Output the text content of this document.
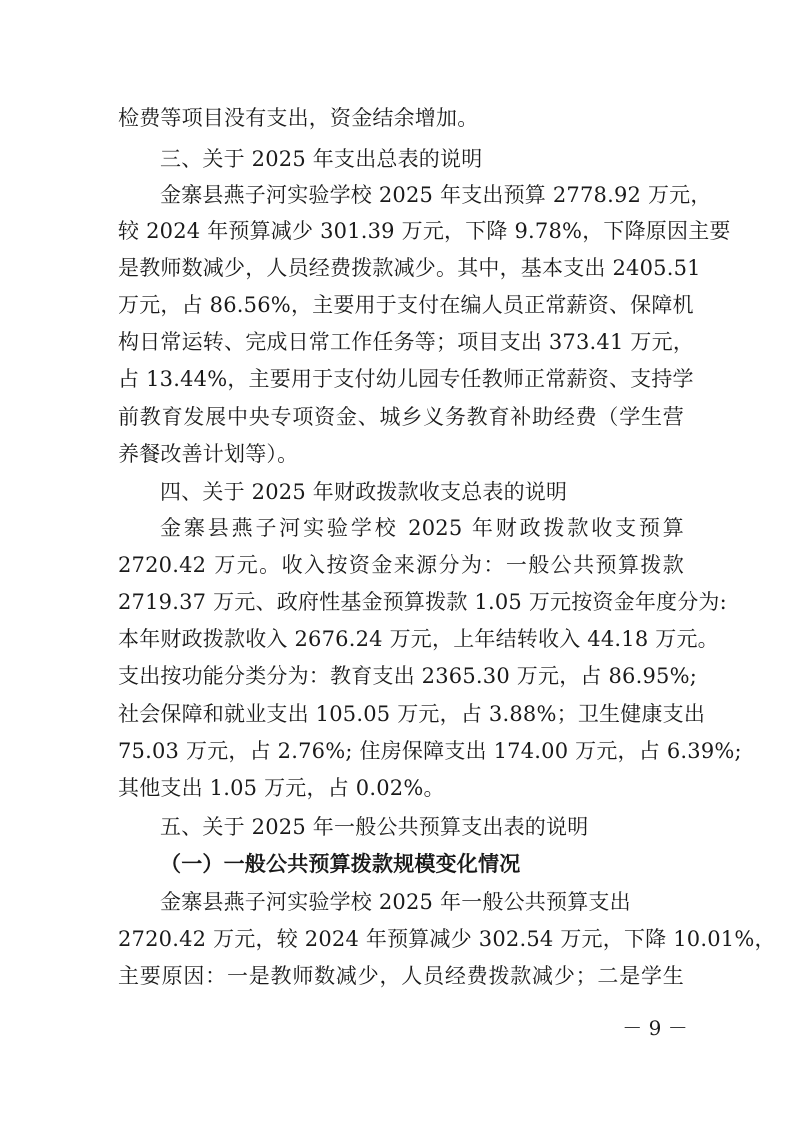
检费等项目没有支出，资金结余增加。

三、关于 2025 年支出总表的说明

金寨县燕子河实验学校 2025 年支出预算 2778.92 万元，

较 2024 年预算减少 301.39 万元，下降 9.78%，下降原因主要

是教师数减少，人员经费拨款减少。其中，基本支出 2405.51

万元，占 86.56%，主要用于支付在编人员正常薪资、保障机

构日常运转、完成日常工作任务等；项目支出 373.41 万元，

占 13.44%，主要用于支付幼儿园专任教师正常薪资、支持学

前教育发展中央专项资金、城乡义务教育补助经费（学生营

养餐改善计划等）。

四、关于 2025 年财政拨款收支总表的说明

金寨县燕子河实验学校 2025 年财政拨款收支预算

2720.42 万元。收入按资金来源分为：一般公共预算拨款

2719.37 万元、政府性基金预算拨款 1.05 万元按资金年度分为:

本年财政拨款收入 2676.24 万元，上年结转收入 44.18 万元。

支出按功能分类分为：教育支出 2365.30 万元，占 86.95%;

社会保障和就业支出 105.05 万元，占 3.88%；卫生健康支出

75.03 万元，占 2.76%; 住房保障支出 174.00 万元，占 6.39%;

其他支出 1.05 万元，占 0.02%。

五、关于 2025 年一般公共预算支出表的说明

（一）一般公共预算拨款规模变化情况

金寨县燕子河实验学校 2025 年一般公共预算支出

2720.42 万元，较 2024 年预算减少 302.54 万元，下降 10.01%，

主要原因：一是教师数减少，人员经费拨款减少；二是学生

－ 9 －
